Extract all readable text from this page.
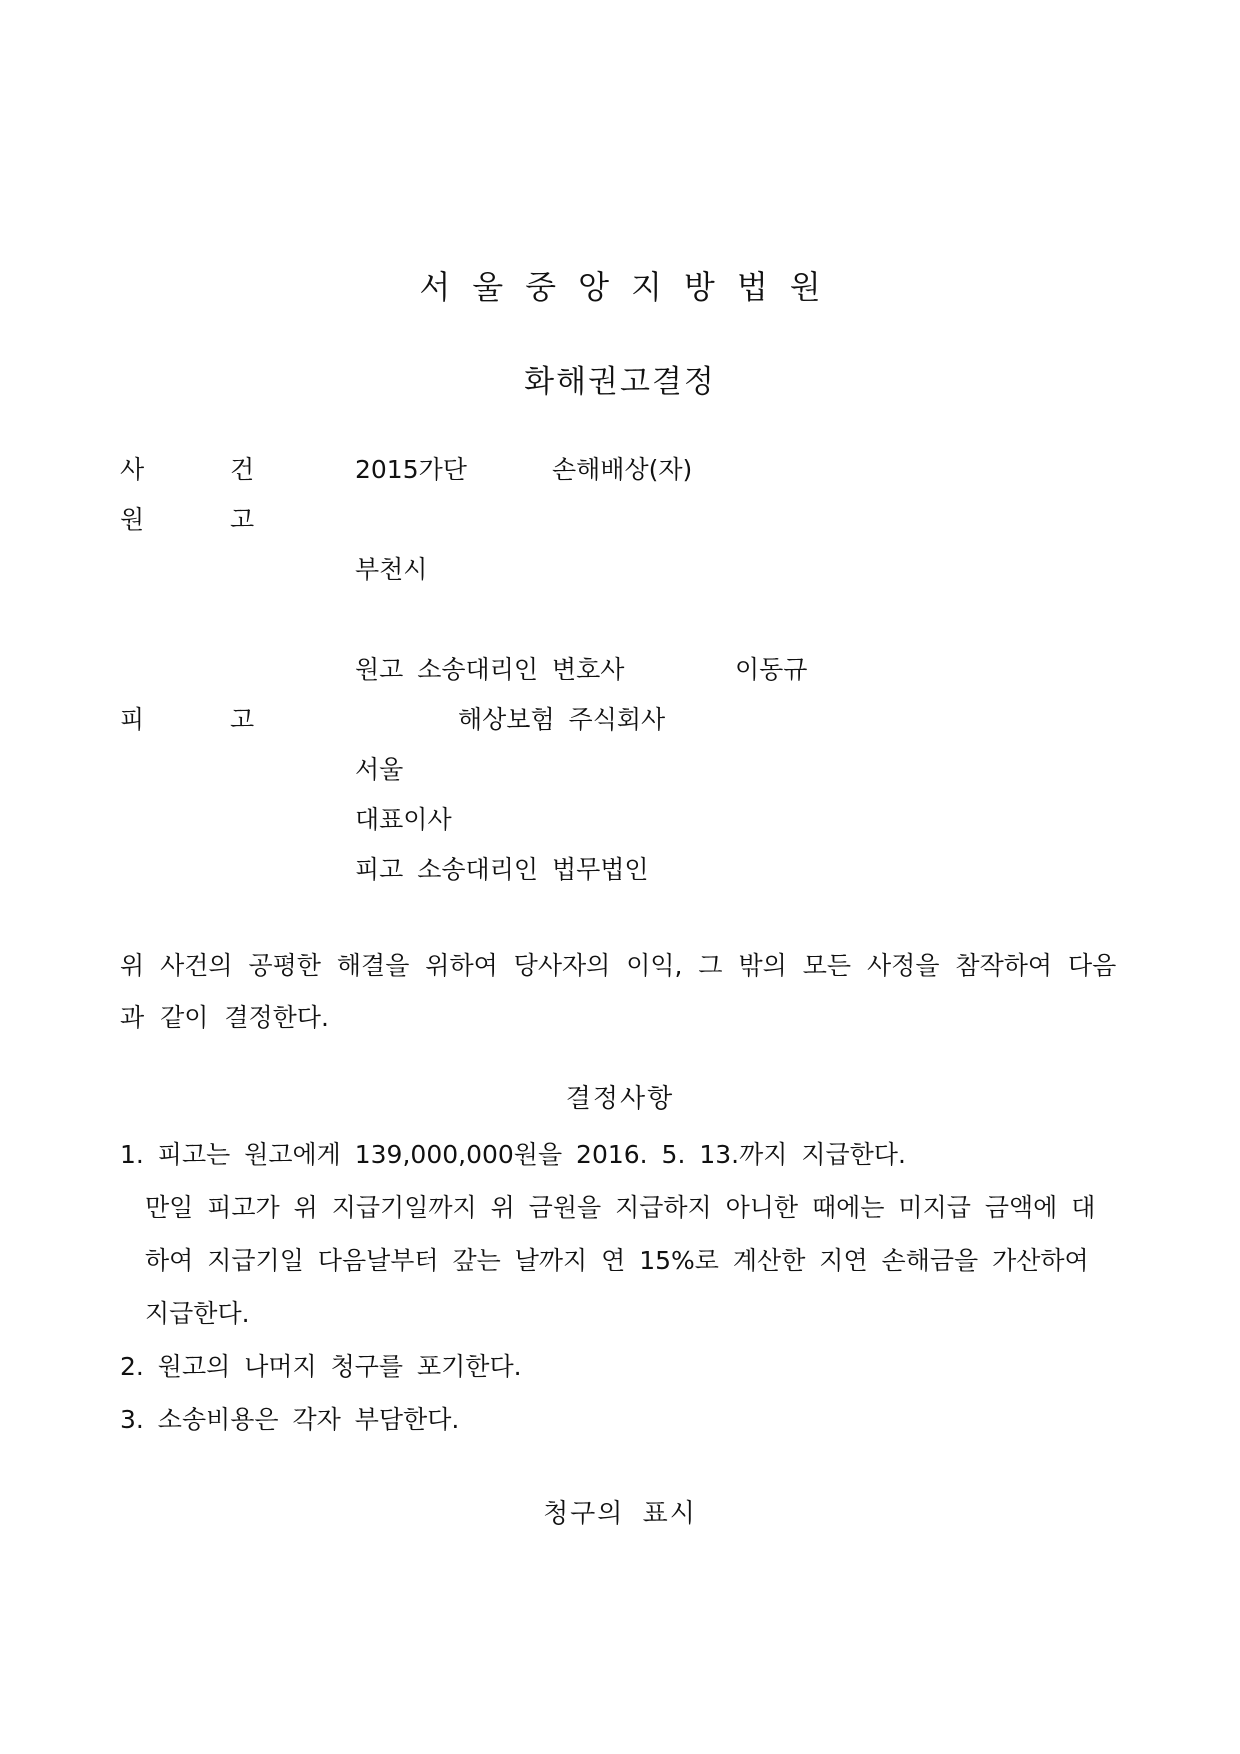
서울중앙지방법원
화해권고결정
사	건	2015가단	손해배상(자)
원	고
부천시
원고 소송대리인 변호사	이동규
피	고	해상보험 주식회사
서울
대표이사
피고 소송대리인 법무법인
위 사건의 공평한 해결을 위하여 당사자의 이익, 그 밖의 모든 사정을 참작하여 다음과 같이 결정한다.
결정사항
1. 피고는 원고에게 139,000,000원을 2016. 5. 13.까지 지급한다.
만일 피고가 위 지급기일까지 위 금원을 지급하지 아니한 때에는 미지급 금액에 대
하여 지급기일 다음날부터 갚는 날까지 연 15%로 계산한 지연 손해금을 가산하여
지급한다.
2. 원고의 나머지 청구를 포기한다.
3. 소송비용은 각자 부담한다.
청구의 표시
